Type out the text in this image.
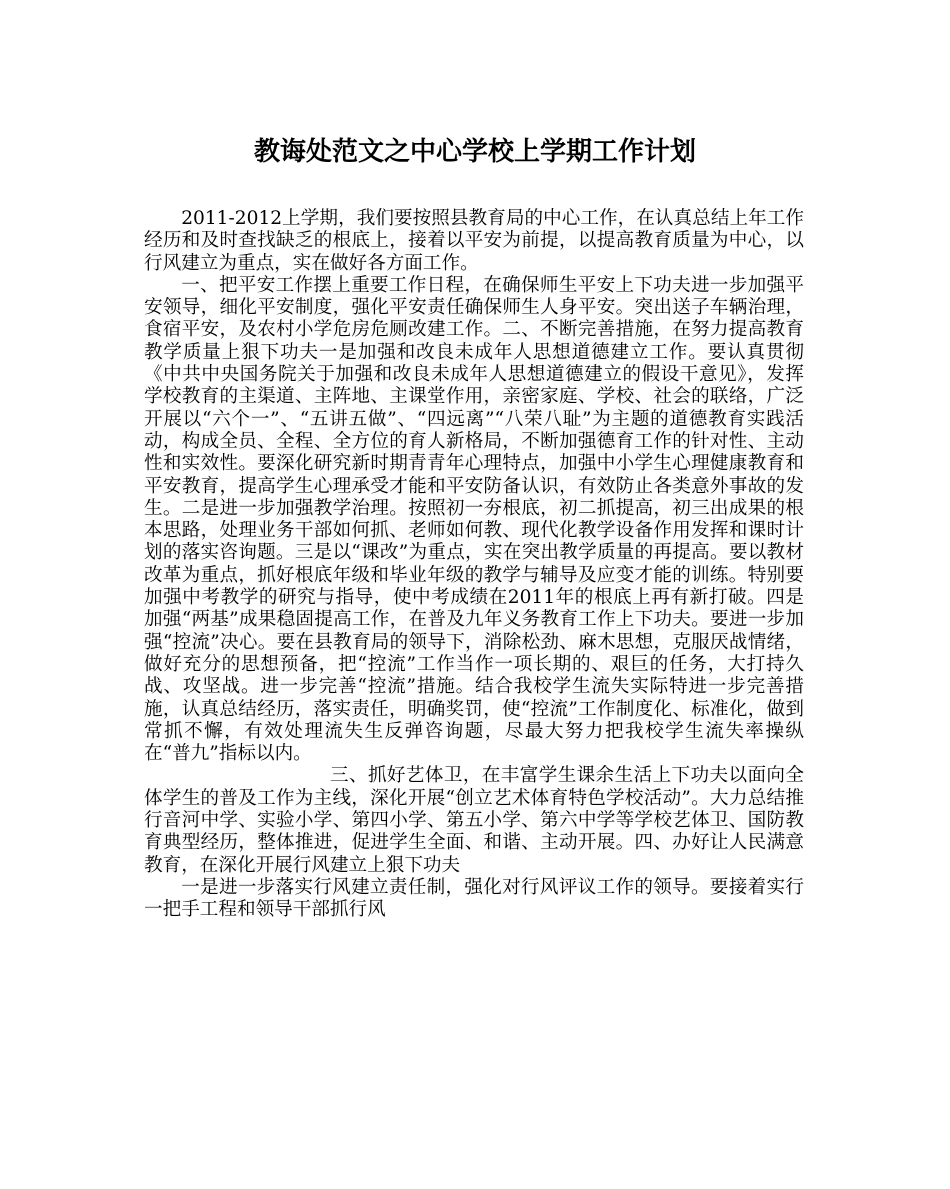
教诲处范文之中心学校上学期工作计划

2011-2012上学期，我们要按照县教育局的中心工作，在认真总结上年工作经历和及时查找缺乏的根底上，接着以平安为前提，以提高教育质量为中心，以行风建立为重点，实在做好各方面工作。

一、把平安工作摆上重要工作日程，在确保师生平安上下功夫进一步加强平安领导，细化平安制度，强化平安责任确保师生人身平安。突出送子车辆治理，食宿平安，及农村小学危房危厕改建工作。二、不断完善措施，在努力提高教育教学质量上狠下功夫一是加强和改良未成年人思想道德建立工作。要认真贯彻《中共中央国务院关于加强和改良未成年人思想道德建立的假设干意见》，发挥学校教育的主渠道、主阵地、主课堂作用，亲密家庭、学校、社会的联络，广泛开展以“六个一”、“五讲五做”、“四远离”“八荣八耻”为主题的道德教育实践活动，构成全员、全程、全方位的育人新格局，不断加强德育工作的针对性、主动性和实效性。要深化研究新时期青青年心理特点，加强中小学生心理健康教育和平安教育，提高学生心理承受才能和平安防备认识，有效防止各类意外事故的发生。二是进一步加强教学治理。按照初一夯根底，初二抓提高，初三出成果的根本思路，处理业务干部如何抓、老师如何教、现代化教学设备作用发挥和课时计划的落实咨询题。三是以“课改”为重点，实在突出教学质量的再提高。要以教材改革为重点，抓好根底年级和毕业年级的教学与辅导及应变才能的训练。特别要加强中考教学的研究与指导，使中考成绩在2011年的根底上再有新打破。四是加强“两基”成果稳固提高工作，在普及九年义务教育工作上下功夫。要进一步加强“控流”决心。要在县教育局的领导下，消除松劲、麻木思想，克服厌战情绪，做好充分的思想预备，把“控流”工作当作一项长期的、艰巨的任务，大打持久战、攻坚战。进一步完善“控流”措施。结合我校学生流失实际特进一步完善措施，认真总结经历，落实责任，明确奖罚，使“控流”工作制度化、标准化，做到常抓不懈，有效处理流失生反弹咨询题，尽最大努力把我校学生流失率操纵在“普九”指标以内。

三、抓好艺体卫，在丰富学生课余生活上下功夫以面向全体学生的普及工作为主线，深化开展“创立艺术体育特色学校活动”。大力总结推行音河中学、实验小学、第四小学、第五小学、第六中学等学校艺体卫、国防教育典型经历，整体推进，促进学生全面、和谐、主动开展。四、办好让人民满意教育，在深化开展行风建立上狠下功夫

一是进一步落实行风建立责任制，强化对行风评议工作的领导。要接着实行一把手工程和领导干部抓行风
